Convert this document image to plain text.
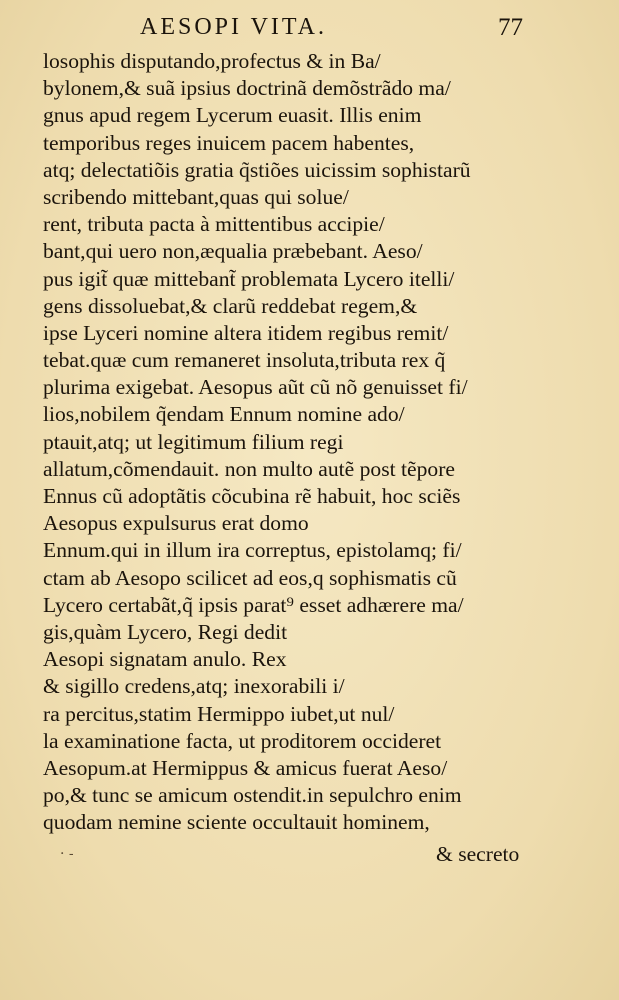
AESOPI VITA.	77
losophis disputando,profectus & in Ba/
bylonem,& suã ipsius doctrinã demõstrãdo ma/
gnus apud regem Lycerum euasit. Illis enim
temporibus reges inuicem pacem habentes,
atq; delectatiõis gratia q̃stiões uicissim sophistarũ
scribendo mittebant,quas qui solue/
rent, tributa pacta à mittentibus accipie/
bant,qui uero non,æqualia præbebant. Aeso/
pus igit̃ quæ mittebant̃ problemata Lycero itelli/
gens dissoluebat,& clarũ reddebat regem,&
ipse Lyceri nomine altera itidem regibus remit/
tebat.quæ cum remaneret insoluta,tributa rex q̃
plurima exigebat. Aesopus aũt cũ nõ genuisset fi/
lios,nobilem q̃endam Ennum nomine ado/
ptauit,atq; ut legitimum filium regi
allatum,cõmendauit. non multo autẽ post tẽpore
Ennus cũ adoptãtis cõcubina rẽ habuit, hoc sciẽs
Aesopus expulsurus erat domo
Ennum.qui in illum ira correptus, epistolamq; fi/
ctam ab Aesopo scilicet ad eos,q sophismatis cũ
Lycero certabãt,q̃ ipsis parat⁹ esset adhærere ma/
gis,quàm Lycero, Regi dedit
Aesopi signatam anulo. Rex
& sigillo credens,atq; inexorabili i/
ra percitus,statim Hermippo iubet,ut nul/
la examinatione facta, ut proditorem occideret
Aesopum.at Hermippus & amicus fuerat Aeso/
po,& tunc se amicum ostendit.in sepulchro enim
quodam nemine sciente occultauit hominem,
· -	& secreto
